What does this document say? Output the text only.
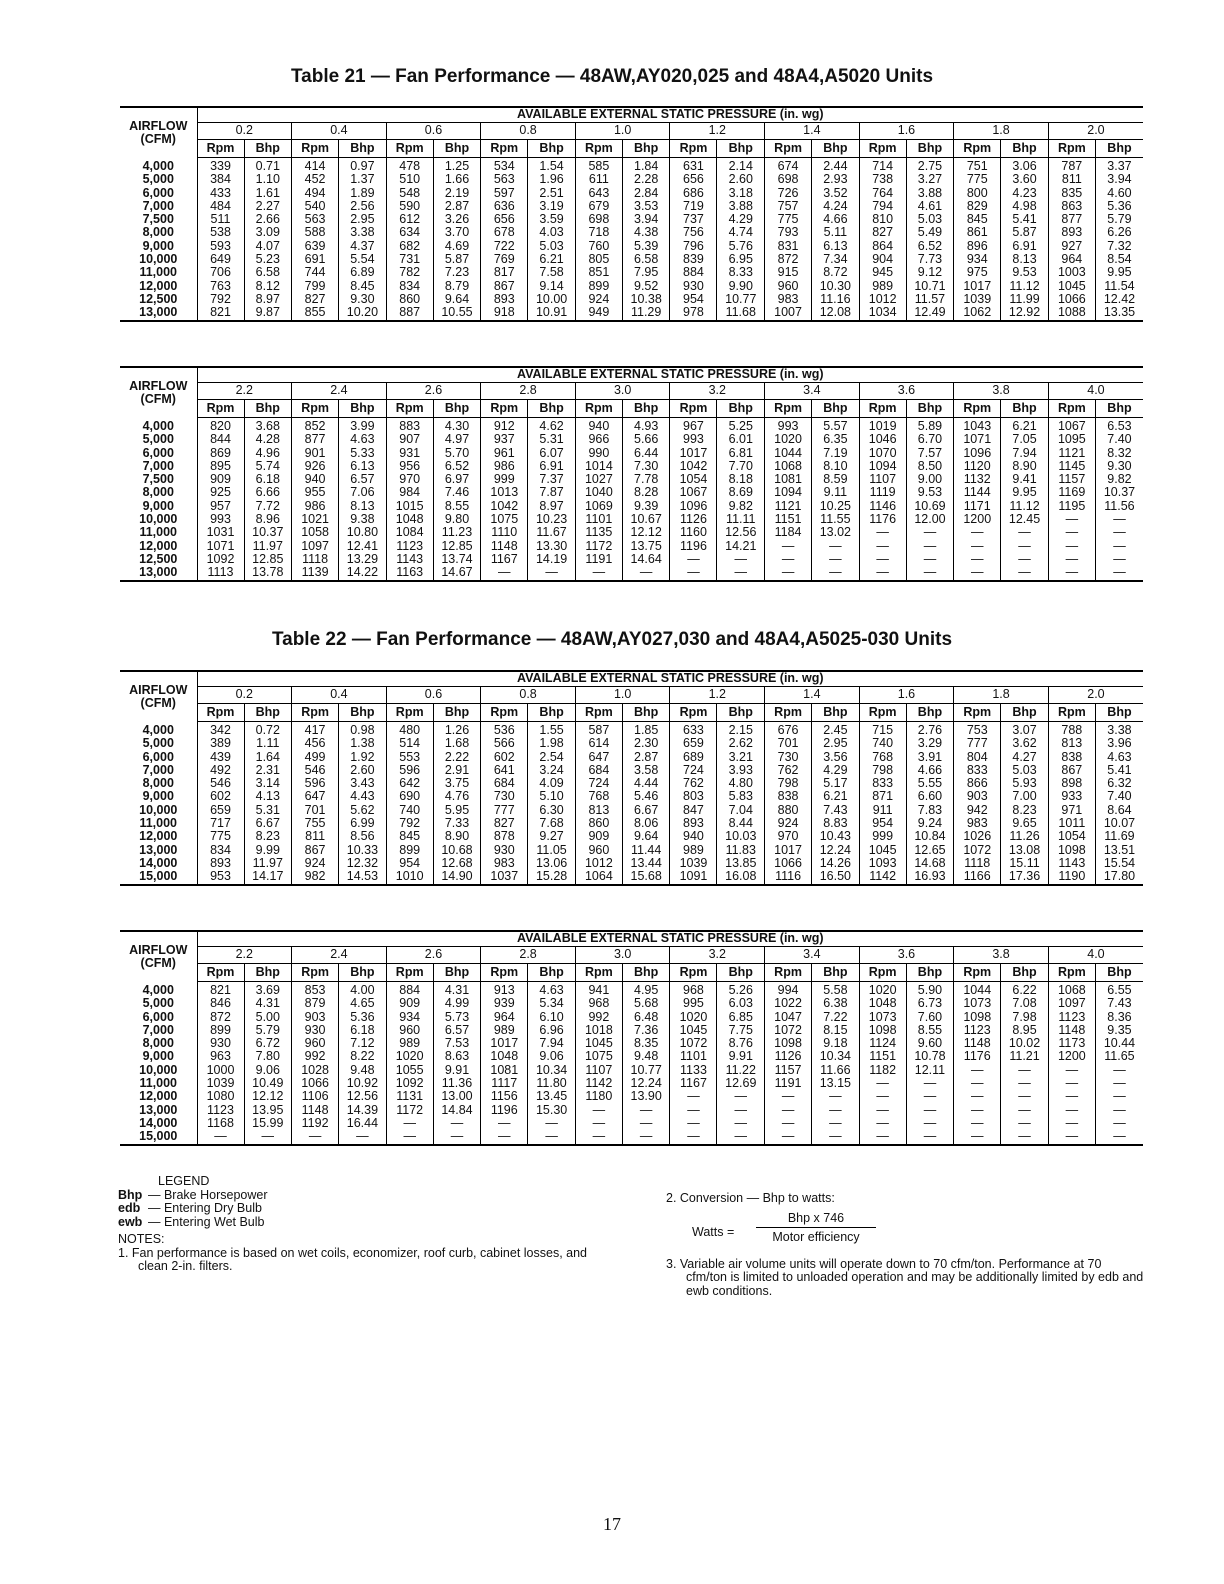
Table 21 — Fan Performance — 48AW,AY020,025 and 48A4,A5020 Units
AIRFLOW
(CFM)	AVAILABLE EXTERNAL STATIC PRESSURE (in. wg)																			
	0.2		0.4		0.6		0.8		1.0		1.2		1.4		1.6		1.8		2.0	
	Rpm	Bhp	Rpm	Bhp	Rpm	Bhp	Rpm	Bhp	Rpm	Bhp	Rpm	Bhp	Rpm	Bhp	Rpm	Bhp	Rpm	Bhp	Rpm	Bhp
4,000	339	0.71	414	0.97	478	1.25	534	1.54	585	1.84	631	2.14	674	2.44	714	2.75	751	3.06	787	3.37
5,000	384	1.10	452	1.37	510	1.66	563	1.96	611	2.28	656	2.60	698	2.93	738	3.27	775	3.60	811	3.94
6,000	433	1.61	494	1.89	548	2.19	597	2.51	643	2.84	686	3.18	726	3.52	764	3.88	800	4.23	835	4.60
7,000	484	2.27	540	2.56	590	2.87	636	3.19	679	3.53	719	3.88	757	4.24	794	4.61	829	4.98	863	5.36
7,500	511	2.66	563	2.95	612	3.26	656	3.59	698	3.94	737	4.29	775	4.66	810	5.03	845	5.41	877	5.79
8,000	538	3.09	588	3.38	634	3.70	678	4.03	718	4.38	756	4.74	793	5.11	827	5.49	861	5.87	893	6.26
9,000	593	4.07	639	4.37	682	4.69	722	5.03	760	5.39	796	5.76	831	6.13	864	6.52	896	6.91	927	7.32
10,000	649	5.23	691	5.54	731	5.87	769	6.21	805	6.58	839	6.95	872	7.34	904	7.73	934	8.13	964	8.54
11,000	706	6.58	744	6.89	782	7.23	817	7.58	851	7.95	884	8.33	915	8.72	945	9.12	975	9.53	1003	9.95
12,000	763	8.12	799	8.45	834	8.79	867	9.14	899	9.52	930	9.90	960	10.30	989	10.71	1017	11.12	1045	11.54
12,500	792	8.97	827	9.30	860	9.64	893	10.00	924	10.38	954	10.77	983	11.16	1012	11.57	1039	11.99	1066	12.42
13,000	821	9.87	855	10.20	887	10.55	918	10.91	949	11.29	978	11.68	1007	12.08	1034	12.49	1062	12.92	1088	13.35
AIRFLOW
(CFM)	AVAILABLE EXTERNAL STATIC PRESSURE (in. wg)																			
	2.2		2.4		2.6		2.8		3.0		3.2		3.4		3.6		3.8		4.0	
	Rpm	Bhp	Rpm	Bhp	Rpm	Bhp	Rpm	Bhp	Rpm	Bhp	Rpm	Bhp	Rpm	Bhp	Rpm	Bhp	Rpm	Bhp	Rpm	Bhp
4,000	820	3.68	852	3.99	883	4.30	912	4.62	940	4.93	967	5.25	993	5.57	1019	5.89	1043	6.21	1067	6.53
5,000	844	4.28	877	4.63	907	4.97	937	5.31	966	5.66	993	6.01	1020	6.35	1046	6.70	1071	7.05	1095	7.40
6,000	869	4.96	901	5.33	931	5.70	961	6.07	990	6.44	1017	6.81	1044	7.19	1070	7.57	1096	7.94	1121	8.32
7,000	895	5.74	926	6.13	956	6.52	986	6.91	1014	7.30	1042	7.70	1068	8.10	1094	8.50	1120	8.90	1145	9.30
7,500	909	6.18	940	6.57	970	6.97	999	7.37	1027	7.78	1054	8.18	1081	8.59	1107	9.00	1132	9.41	1157	9.82
8,000	925	6.66	955	7.06	984	7.46	1013	7.87	1040	8.28	1067	8.69	1094	9.11	1119	9.53	1144	9.95	1169	10.37
9,000	957	7.72	986	8.13	1015	8.55	1042	8.97	1069	9.39	1096	9.82	1121	10.25	1146	10.69	1171	11.12	1195	11.56
10,000	993	8.96	1021	9.38	1048	9.80	1075	10.23	1101	10.67	1126	11.11	1151	11.55	1176	12.00	1200	12.45	—	—
11,000	1031	10.37	1058	10.80	1084	11.23	1110	11.67	1135	12.12	1160	12.56	1184	13.02	—	—	—	—	—	—
12,000	1071	11.97	1097	12.41	1123	12.85	1148	13.30	1172	13.75	1196	14.21	—	—	—	—	—	—	—	—
12,500	1092	12.85	1118	13.29	1143	13.74	1167	14.19	1191	14.64	—	—	—	—	—	—	—	—	—	—
13,000	1113	13.78	1139	14.22	1163	14.67	—	—	—	—	—	—	—	—	—	—	—	—	—	—
Table 22 — Fan Performance — 48AW,AY027,030 and 48A4,A5025-030 Units
AIRFLOW
(CFM)	AVAILABLE EXTERNAL STATIC PRESSURE (in. wg)																			
	0.2		0.4		0.6		0.8		1.0		1.2		1.4		1.6		1.8		2.0	
	Rpm	Bhp	Rpm	Bhp	Rpm	Bhp	Rpm	Bhp	Rpm	Bhp	Rpm	Bhp	Rpm	Bhp	Rpm	Bhp	Rpm	Bhp	Rpm	Bhp
4,000	342	0.72	417	0.98	480	1.26	536	1.55	587	1.85	633	2.15	676	2.45	715	2.76	753	3.07	788	3.38
5,000	389	1.11	456	1.38	514	1.68	566	1.98	614	2.30	659	2.62	701	2.95	740	3.29	777	3.62	813	3.96
6,000	439	1.64	499	1.92	553	2.22	602	2.54	647	2.87	689	3.21	730	3.56	768	3.91	804	4.27	838	4.63
7,000	492	2.31	546	2.60	596	2.91	641	3.24	684	3.58	724	3.93	762	4.29	798	4.66	833	5.03	867	5.41
8,000	546	3.14	596	3.43	642	3.75	684	4.09	724	4.44	762	4.80	798	5.17	833	5.55	866	5.93	898	6.32
9,000	602	4.13	647	4.43	690	4.76	730	5.10	768	5.46	803	5.83	838	6.21	871	6.60	903	7.00	933	7.40
10,000	659	5.31	701	5.62	740	5.95	777	6.30	813	6.67	847	7.04	880	7.43	911	7.83	942	8.23	971	8.64
11,000	717	6.67	755	6.99	792	7.33	827	7.68	860	8.06	893	8.44	924	8.83	954	9.24	983	9.65	1011	10.07
12,000	775	8.23	811	8.56	845	8.90	878	9.27	909	9.64	940	10.03	970	10.43	999	10.84	1026	11.26	1054	11.69
13,000	834	9.99	867	10.33	899	10.68	930	11.05	960	11.44	989	11.83	1017	12.24	1045	12.65	1072	13.08	1098	13.51
14,000	893	11.97	924	12.32	954	12.68	983	13.06	1012	13.44	1039	13.85	1066	14.26	1093	14.68	1118	15.11	1143	15.54
15,000	953	14.17	982	14.53	1010	14.90	1037	15.28	1064	15.68	1091	16.08	1116	16.50	1142	16.93	1166	17.36	1190	17.80
AIRFLOW
(CFM)	AVAILABLE EXTERNAL STATIC PRESSURE (in. wg)																			
	2.2		2.4		2.6		2.8		3.0		3.2		3.4		3.6		3.8		4.0	
	Rpm	Bhp	Rpm	Bhp	Rpm	Bhp	Rpm	Bhp	Rpm	Bhp	Rpm	Bhp	Rpm	Bhp	Rpm	Bhp	Rpm	Bhp	Rpm	Bhp
4,000	821	3.69	853	4.00	884	4.31	913	4.63	941	4.95	968	5.26	994	5.58	1020	5.90	1044	6.22	1068	6.55
5,000	846	4.31	879	4.65	909	4.99	939	5.34	968	5.68	995	6.03	1022	6.38	1048	6.73	1073	7.08	1097	7.43
6,000	872	5.00	903	5.36	934	5.73	964	6.10	992	6.48	1020	6.85	1047	7.22	1073	7.60	1098	7.98	1123	8.36
7,000	899	5.79	930	6.18	960	6.57	989	6.96	1018	7.36	1045	7.75	1072	8.15	1098	8.55	1123	8.95	1148	9.35
8,000	930	6.72	960	7.12	989	7.53	1017	7.94	1045	8.35	1072	8.76	1098	9.18	1124	9.60	1148	10.02	1173	10.44
9,000	963	7.80	992	8.22	1020	8.63	1048	9.06	1075	9.48	1101	9.91	1126	10.34	1151	10.78	1176	11.21	1200	11.65
10,000	1000	9.06	1028	9.48	1055	9.91	1081	10.34	1107	10.77	1133	11.22	1157	11.66	1182	12.11	—	—	—	—
11,000	1039	10.49	1066	10.92	1092	11.36	1117	11.80	1142	12.24	1167	12.69	1191	13.15	—	—	—	—	—	—
12,000	1080	12.12	1106	12.56	1131	13.00	1156	13.45	1180	13.90	—	—	—	—	—	—	—	—	—	—
13,000	1123	13.95	1148	14.39	1172	14.84	1196	15.30	—	—	—	—	—	—	—	—	—	—	—	—
14,000	1168	15.99	1192	16.44	—	—	—	—	—	—	—	—	—	—	—	—	—	—	—	—
15,000	—	—	—	—	—	—	—	—	—	—	—	—	—	—	—	—	—	—	—	—
LEGEND
Bhp — Brake Horsepower
edb — Entering Dry Bulb
ewb — Entering Wet Bulb
NOTES:
1. Fan performance is based on wet coils, economizer, roof curb, cabinet losses, and clean 2-in. filters.
2. Conversion — Bhp to watts:
Watts =
Bhp x 746
Motor efficiency
3. Variable air volume units will operate down to 70 cfm/ton. Performance at 70 cfm/ton is limited to unloaded operation and may be additionally limited by edb and ewb conditions.
17
